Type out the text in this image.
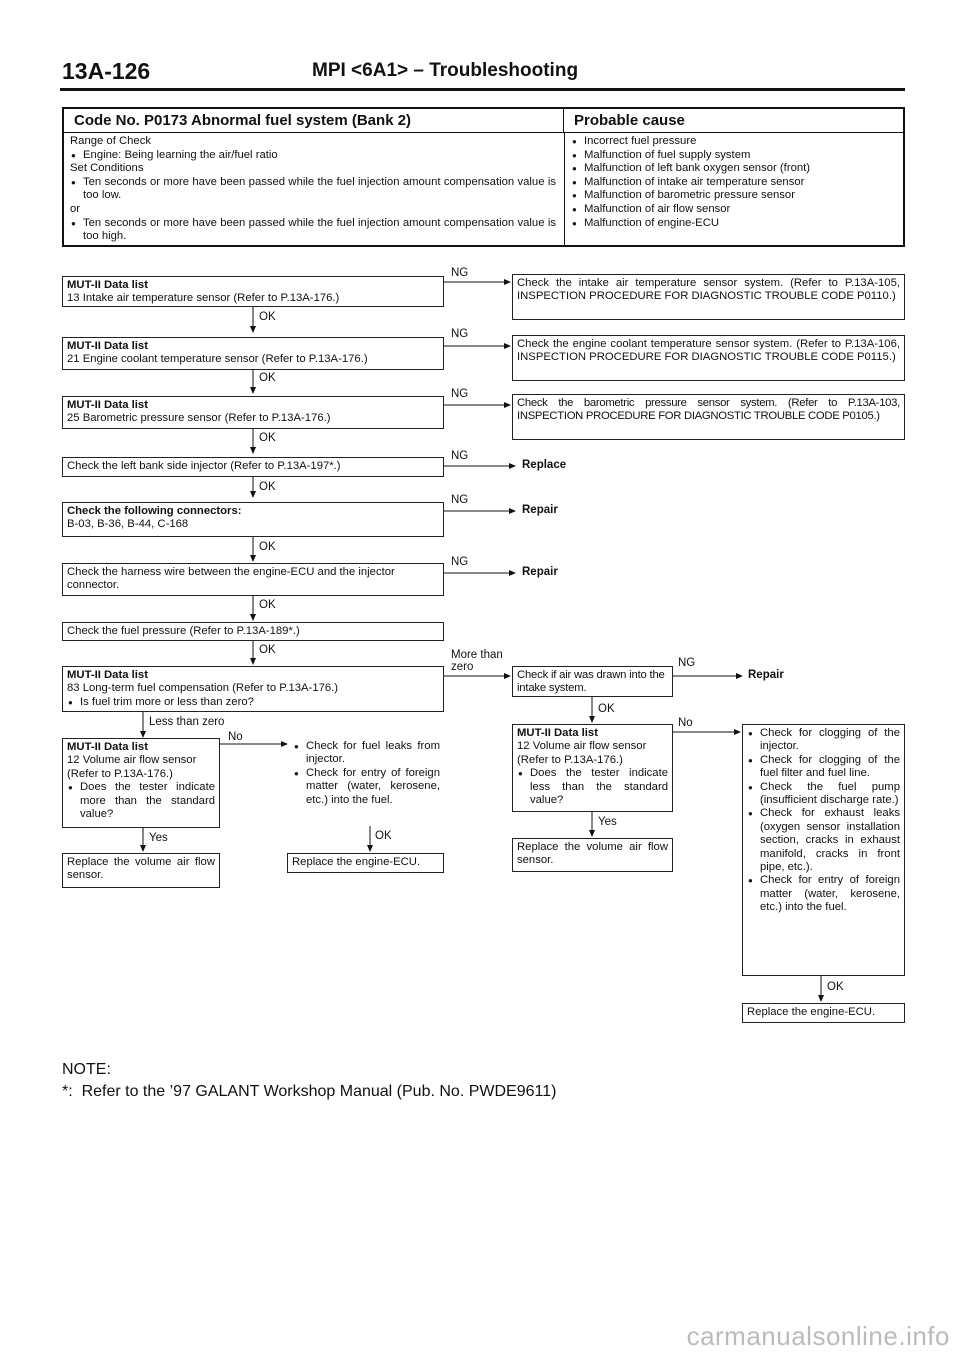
13A-126	MPI <6A1> – Troubleshooting
Code No. P0173 Abnormal fuel system (Bank 2)	Probable cause
Range of Check
● Engine: Being learning the air/fuel ratio
Set Conditions
● Ten seconds or more have been passed while the fuel injection amount compensation value is too low.
or
● Ten seconds or more have been passed while the fuel injection amount compensation value is too high.
● Incorrect fuel pressure
● Malfunction of fuel supply system
● Malfunction of left bank oxygen sensor (front)
● Malfunction of intake air temperature sensor
● Malfunction of barometric pressure sensor
● Malfunction of air flow sensor
● Malfunction of engine-ECU
MUT-II Data list
13 Intake air temperature sensor (Refer to P.13A-176.)
NG
Check the intake air temperature sensor system. (Refer to P.13A-105, INSPECTION PROCEDURE FOR DIAGNOSTIC TROUBLE CODE P0110.)
OK
MUT-II Data list
21 Engine coolant temperature sensor (Refer to P.13A-176.)
NG
Check the engine coolant temperature sensor system. (Refer to P.13A-106, INSPECTION PROCEDURE FOR DIAGNOSTIC TROUBLE CODE P0115.)
OK
MUT-II Data list
25 Barometric pressure sensor (Refer to P.13A-176.)
NG
Check the barometric pressure sensor system. (Refer to P.13A-103, INSPECTION PROCEDURE FOR DIAGNOSTIC TROUBLE CODE P0105.)
OK
Check the left bank side injector (Refer to P.13A-197*.)
NG
Replace
OK
Check the following connectors:
B-03, B-36, B-44, C-168
NG
Repair
OK
Check the harness wire between the engine-ECU and the injector connector.
NG
Repair
OK
Check the fuel pressure (Refer to P.13A-189*.)
OK
MUT-II Data list
83 Long-term fuel compensation (Refer to P.13A-176.)
● Is fuel trim more or less than zero?
More than zero
Less than zero
MUT-II Data list
12 Volume air flow sensor (Refer to P.13A-176.)
● Does the tester indicate more than the standard value?
No
● Check for fuel leaks from injector.
● Check for entry of foreign matter (water, kerosene, etc.) into the fuel.
Yes	OK
Replace the volume air flow sensor.
Replace the engine-ECU.
Check if air was drawn into the intake system.
NG
Repair
OK
MUT-II Data list
12 Volume air flow sensor (Refer to P.13A-176.)
● Does the tester indicate less than the standard value?
No
Yes
Replace the volume air flow sensor.
● Check for clogging of the injector.
● Check for clogging of the fuel filter and fuel line.
● Check the fuel pump (insufficient discharge rate.)
● Check for exhaust leaks (oxygen sensor installation section, cracks in exhaust manifold, cracks in front pipe, etc.).
● Check for entry of foreign matter (water, kerosene, etc.) into the fuel.
OK
Replace the engine-ECU.
NOTE:
*:  Refer to the ’97 GALANT Workshop Manual (Pub. No. PWDE9611)
carmanualsonline.info
